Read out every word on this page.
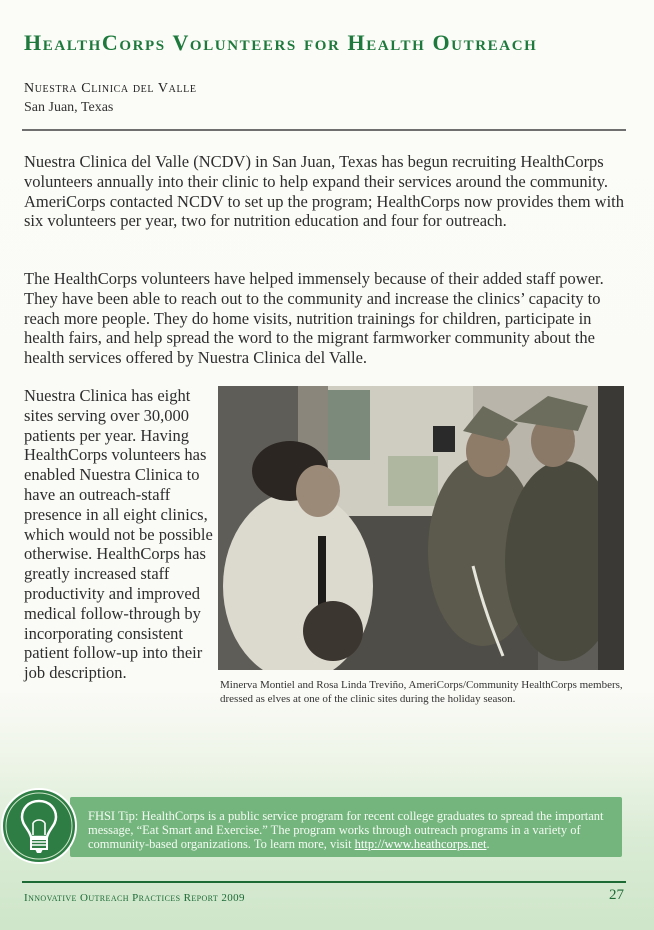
HealthCorps Volunteers for Health Outreach
Nuestra Clinica del Valle
San Juan, Texas

Nuestra Clinica del Valle (NCDV) in San Juan, Texas has begun recruiting HealthCorps volunteers annually into their clinic to help expand their services around the community. AmeriCorps contacted NCDV to set up the program; HealthCorps now provides them with six volunteers per year, two for nutrition education and four for outreach.

The HealthCorps volunteers have helped immensely because of their added staff power. They have been able to reach out to the community and increase the clinics’ capacity to reach more people. They do home visits, nutrition trainings for children, participate in health fairs, and help spread the word to the migrant farmworker community about the health services offered by Nuestra Clinica del Valle.

Nuestra Clinica has eight sites serving over 30,000 patients per year. Having HealthCorps volunteers has enabled Nuestra Clinica to have an outreach-staff presence in all eight clinics, which would not be possible otherwise. HealthCorps has greatly increased staff productivity and improved medical follow-through by incorporating consistent patient follow-up into their job description.

Minerva Montiel and Rosa Linda Treviño, AmeriCorps/Community HealthCorps members, dressed as elves at one of the clinic sites during the holiday season.
FHSI Tip: HealthCorps is a public service program for recent college graduates to spread the important message, “Eat Smart and Exercise.” The program works through outreach programs in a variety of community-based organizations. To learn more, visit http://www.heathcorps.net.
Innovative Outreach Practices Report 2009	27
